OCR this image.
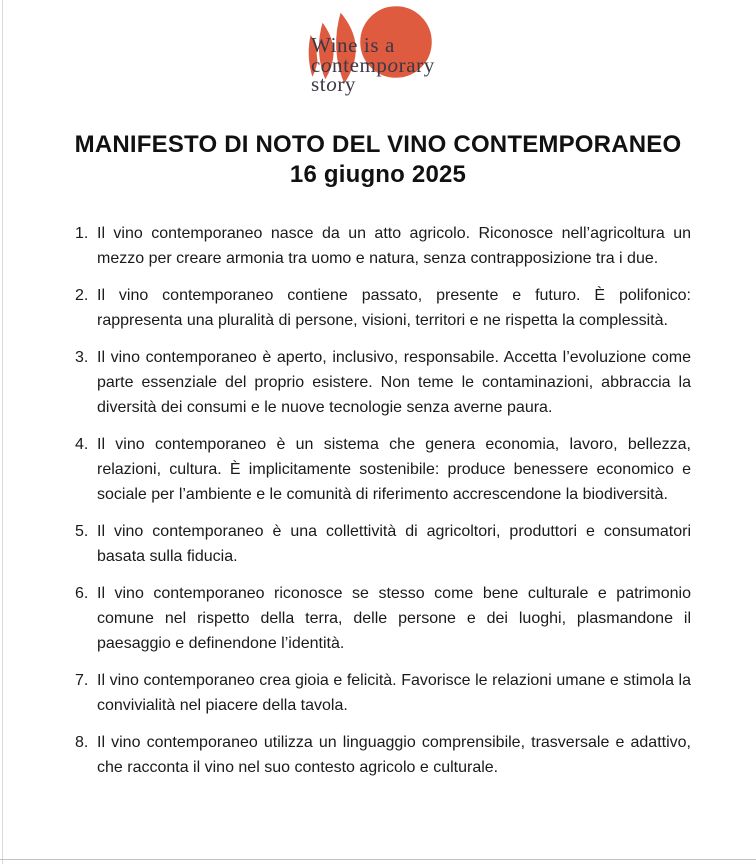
Wine is a
contemporary
story
MANIFESTO DI NOTO DEL VINO CONTEMPORANEO
16 giugno 2025
1. Il vino contemporaneo nasce da un atto agricolo. Riconosce nell’agricoltura un mezzo per creare armonia tra uomo e natura, senza contrapposizione tra i due.

2. Il vino contemporaneo contiene passato, presente e futuro. È polifonico: rappresenta una pluralità di persone, visioni, territori e ne rispetta la complessità.

3. Il vino contemporaneo è aperto, inclusivo, responsabile. Accetta l’evoluzione come parte essenziale del proprio esistere. Non teme le contaminazioni, abbraccia la diversità dei consumi e le nuove tecnologie senza averne paura.

4. Il vino contemporaneo è un sistema che genera economia, lavoro, bellezza, relazioni, cultura. È implicitamente sostenibile: produce benessere economico e sociale per l’ambiente e le comunità di riferimento accrescendone la biodiversità.

5. Il vino contemporaneo è una collettività di agricoltori, produttori e consumatori basata sulla fiducia.

6. Il vino contemporaneo riconosce se stesso come bene culturale e patrimonio comune nel rispetto della terra, delle persone e dei luoghi, plasmandone il paesaggio e definendone l’identità.

7. Il vino contemporaneo crea gioia e felicità. Favorisce le relazioni umane e stimola la convivialità nel piacere della tavola.

8. Il vino contemporaneo utilizza un linguaggio comprensibile, trasversale e adattivo, che racconta il vino nel suo contesto agricolo e culturale.
